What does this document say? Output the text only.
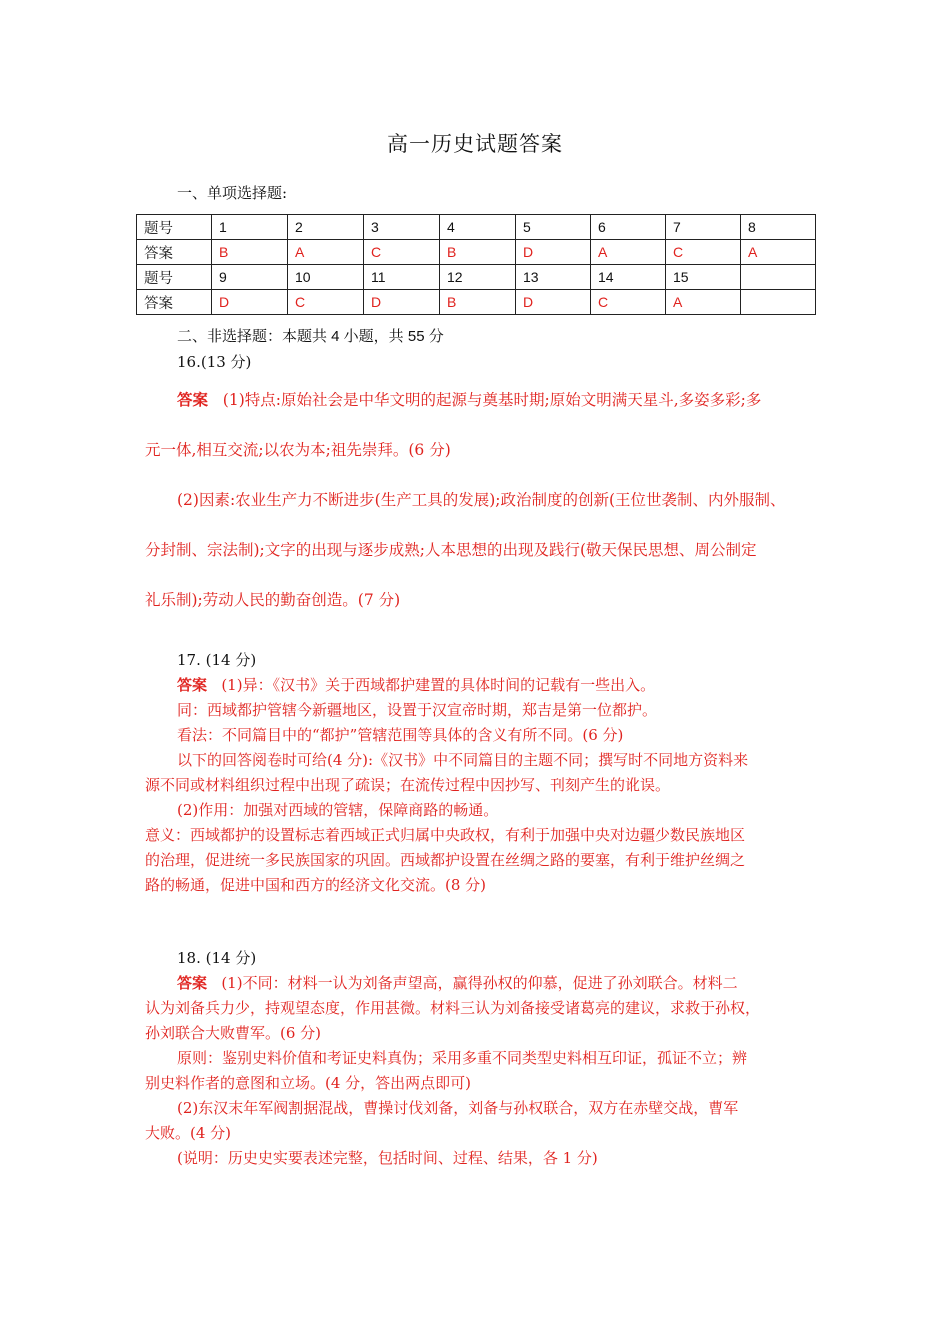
高一历史试题答案
一、单项选择题:
题号	1	2	3	4	5	6	7	8
答案	B	A	C	B	D	A	C	A
题号	9	10	11	12	13	14	15	
答案	D	C	D	B	D	C	A	
二、非选择题：本题共 4 小题，共 55 分
16.(13 分)
答案 (1)特点:原始社会是中华文明的起源与奠基时期;原始文明满天星斗,多姿多彩;多
元一体,相互交流;以农为本;祖先崇拜。(6 分)
(2)因素:农业生产力不断进步(生产工具的发展);政治制度的创新(王位世袭制、内外服制、
分封制、宗法制);文字的出现与逐步成熟;人本思想的出现及践行(敬天保民思想、周公制定
礼乐制);劳动人民的勤奋创造。(7 分)
17. (14 分)
答案 (1)异：《汉书》关于西域都护建置的具体时间的记载有一些出入。
同：西域都护管辖今新疆地区，设置于汉宣帝时期，郑吉是第一位都护。
看法：不同篇目中的“都护”管辖范围等具体的含义有所不同。(6 分)
以下的回答阅卷时可给(4 分):《汉书》中不同篇目的主题不同；撰写时不同地方资料来
源不同或材料组织过程中出现了疏误；在流传过程中因抄写、刊刻产生的讹误。
(2)作用：加强对西域的管辖，保障商路的畅通。
意义：西域都护的设置标志着西域正式归属中央政权，有利于加强中央对边疆少数民族地区
的治理，促进统一多民族国家的巩固。西域都护设置在丝绸之路的要塞，有利于维护丝绸之
路的畅通，促进中国和西方的经济文化交流。(8 分)
18. (14 分)
答案 (1)不同：材料一认为刘备声望高，赢得孙权的仰慕，促进了孙刘联合。材料二
认为刘备兵力少，持观望态度，作用甚微。材料三认为刘备接受诸葛亮的建议，求救于孙权，
孙刘联合大败曹军。(6 分)
原则：鉴别史料价值和考证史料真伪；采用多重不同类型史料相互印证，孤证不立；辨
别史料作者的意图和立场。(4 分，答出两点即可)
(2)东汉末年军阀割据混战，曹操讨伐刘备，刘备与孙权联合，双方在赤壁交战，曹军
大败。(4 分)
(说明：历史史实要表述完整，包括时间、过程、结果，各 1 分)
